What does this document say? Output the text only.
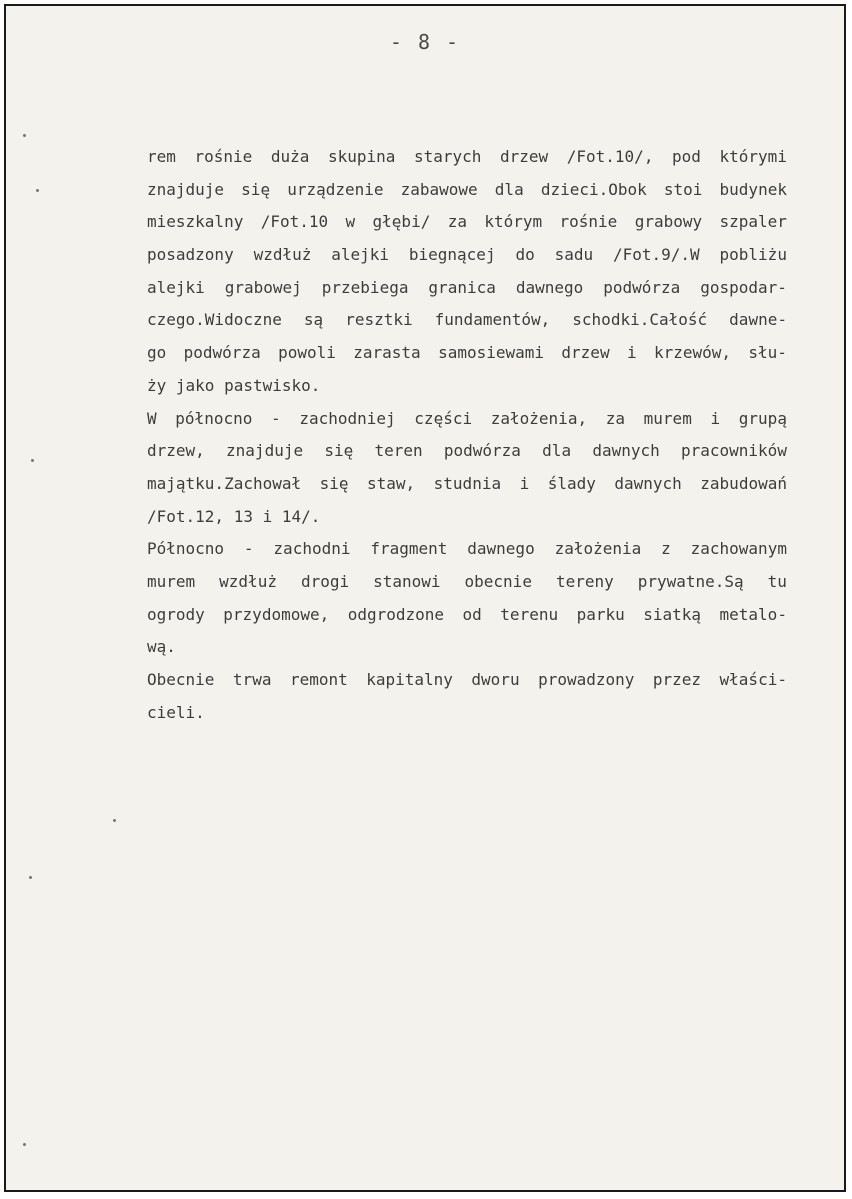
- 8 -
rem rośnie duża skupina starych drzew /Fot.10/, pod którymi
znajduje się urządzenie zabawowe dla dzieci.Obok stoi budynek
mieszkalny /Fot.10 w głębi/ za którym rośnie grabowy szpaler
posadzony wzdłuż alejki biegnącej do sadu /Fot.9/.W pobliżu
alejki grabowej przebiega granica dawnego podwórza gospodar-
czego.Widoczne są resztki fundamentów, schodki.Całość dawne-
go podwórza powoli zarasta samosiewami drzew i krzewów, słu-
ży jako pastwisko.
W północno - zachodniej części założenia, za murem i grupą
drzew, znajduje się teren podwórza dla dawnych pracowników
majątku.Zachował się staw, studnia i ślady dawnych zabudowań
/Fot.12, 13 i 14/.
Północno - zachodni fragment dawnego założenia z zachowanym
murem wzdłuż drogi stanowi obecnie tereny prywatne.Są tu
ogrody przydomowe, odgrodzone od terenu parku siatką metalo-
wą.
Obecnie trwa remont kapitalny dworu prowadzony przez właści-
cieli.
